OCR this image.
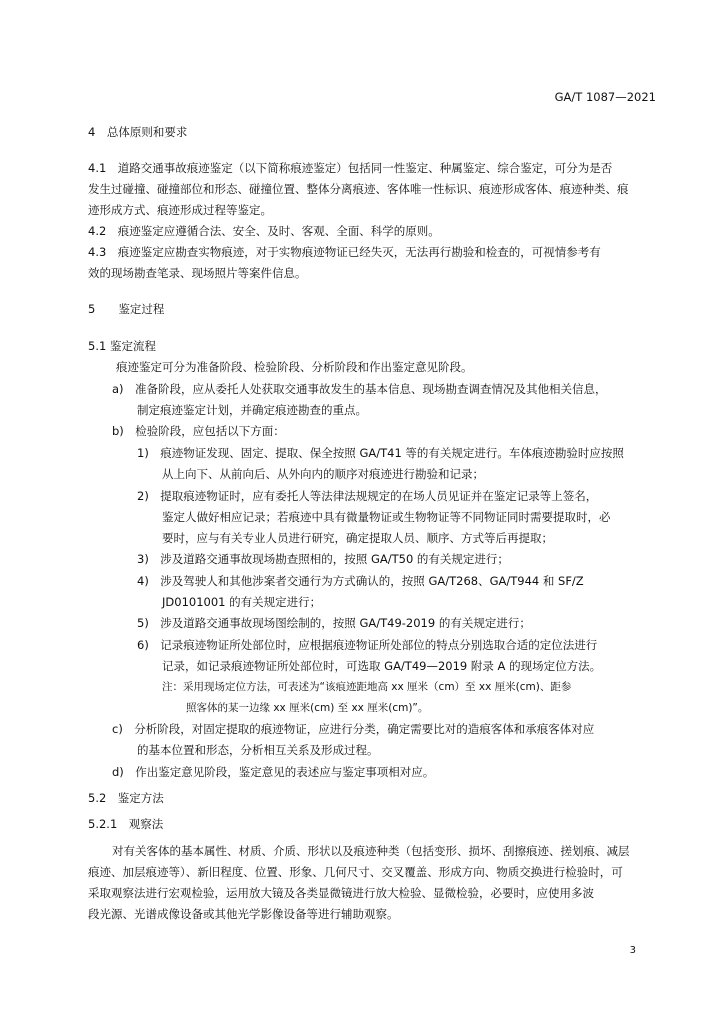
GA/T 1087—2021
4　总体原则和要求
4.1　道路交通事故痕迹鉴定（以下简称痕迹鉴定）包括同一性鉴定、种属鉴定、综合鉴定，可分为是否
发生过碰撞、碰撞部位和形态、碰撞位置、整体分离痕迹、客体唯一性标识、痕迹形成客体、痕迹种类、痕
迹形成方式、痕迹形成过程等鉴定。
4.2　痕迹鉴定应遵循合法、安全、及时、客观、全面、科学的原则。
4.3　痕迹鉴定应勘查实物痕迹，对于实物痕迹物证已经失灭，无法再行勘验和检查的，可视情参考有
效的现场勘查笔录、现场照片等案件信息。
5　　鉴定过程
5.1 鉴定流程
痕迹鉴定可分为准备阶段、检验阶段、分析阶段和作出鉴定意见阶段。
a)　准备阶段，应从委托人处获取交通事故发生的基本信息、现场勘查调查情况及其他相关信息，
制定痕迹鉴定计划，并确定痕迹勘查的重点。
b)　检验阶段，应包括以下方面：
1)　痕迹物证发现、固定、提取、保全按照 GA/T41 等的有关规定进行。车体痕迹勘验时应按照
从上向下、从前向后、从外向内的顺序对痕迹进行勘验和记录；
2)　提取痕迹物证时，应有委托人等法律法规规定的在场人员见证并在鉴定记录等上签名，
鉴定人做好相应记录；若痕迹中具有微量物证或生物物证等不同物证同时需要提取时，必
要时，应与有关专业人员进行研究，确定提取人员、顺序、方式等后再提取；
3)　涉及道路交通事故现场勘查照相的，按照 GA/T50 的有关规定进行；
4)　涉及驾驶人和其他涉案者交通行为方式确认的，按照 GA/T268、GA/T944 和 SF/Z
JD0101001 的有关规定进行；
5)　涉及道路交通事故现场图绘制的，按照 GA/T49-2019 的有关规定进行；
6)　记录痕迹物证所处部位时，应根据痕迹物证所处部位的特点分别选取合适的定位法进行
记录，如记录痕迹物证所处部位时，可选取 GA/T49—2019 附录 A 的现场定位方法。
注：采用现场定位方法，可表述为“该痕迹距地高 xx 厘米（cm）至 xx 厘米(cm)、距参
照客体的某一边缘 xx 厘米(cm) 至 xx 厘米(cm)”。
c)　分析阶段，对固定提取的痕迹物证，应进行分类，确定需要比对的造痕客体和承痕客体对应
的基本位置和形态，分析相互关系及形成过程。
d)　作出鉴定意见阶段，鉴定意见的表述应与鉴定事项相对应。
5.2　鉴定方法
5.2.1　观察法
对有关客体的基本属性、材质、介质、形状以及痕迹种类（包括变形、损坏、刮擦痕迹、搓划痕、减层
痕迹、加层痕迹等）、新旧程度、位置、形象、几何尺寸、交叉覆盖、形成方向、物质交换进行检验时，可
采取观察法进行宏观检验，运用放大镜及各类显微镜进行放大检验、显微检验，必要时，应使用多波
段光源、光谱成像设备或其他光学影像设备等进行辅助观察。
3
